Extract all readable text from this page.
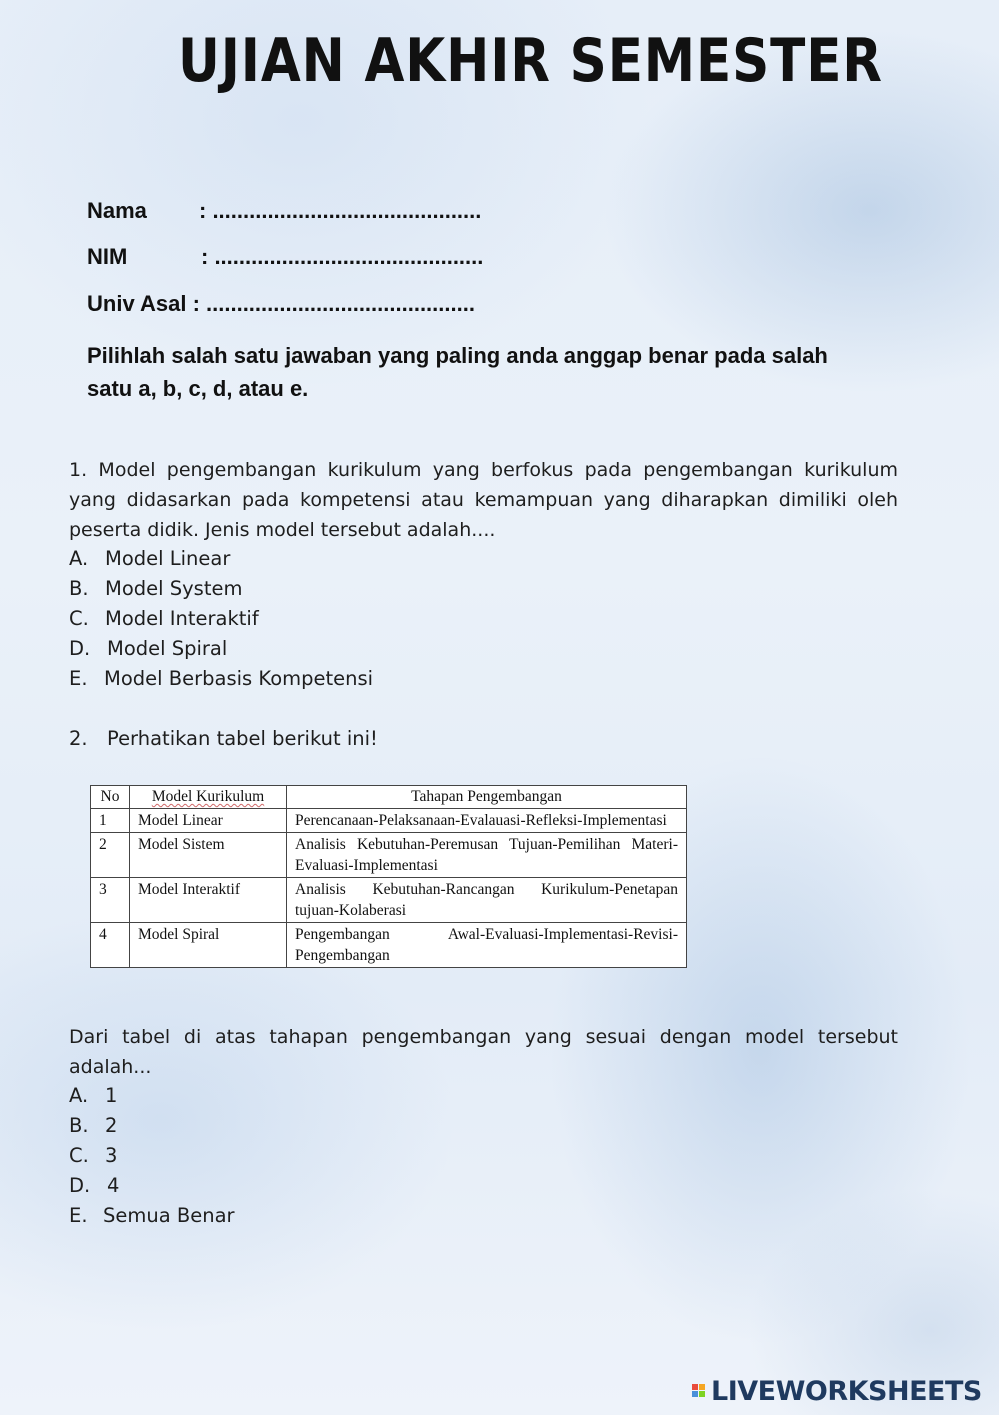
UJIAN AKHIR SEMESTER
Nama : ............................................
NIM	: ............................................
Univ Asal : ............................................
Pilihlah salah satu jawaban yang paling anda anggap benar pada salah satu a, b, c, d, atau e.
1. Model pengembangan kurikulum yang berfokus pada pengembangan kurikulum yang didasarkan pada kompetensi atau kemampuan yang diharapkan dimiliki oleh peserta didik. Jenis model tersebut adalah....
A. Model Linear
B. Model System
C. Model Interaktif
D. Model Spiral
E. Model Berbasis Kompetensi
2. Perhatikan tabel berikut ini!
No	Model Kurikulum	Tahapan Pengembangan
1	Model Linear	Perencanaan-Pelaksanaan-Evalauasi-Refleksi-Implementasi
2	Model Sistem	Analisis Kebutuhan-Peremusan Tujuan-Pemilihan Materi-Evaluasi-Implementasi
3	Model Interaktif	Analisis Kebutuhan-Rancangan Kurikulum-Penetapan tujuan-Kolaberasi
4	Model Spiral	Pengembangan Awal-Evaluasi-Implementasi-Revisi-Pengembangan
Dari tabel di atas tahapan pengembangan yang sesuai dengan model tersebut adalah...
A. 1
B. 2
C. 3
D. 4
E. Semua Benar
LIVEWORKSHEETS
